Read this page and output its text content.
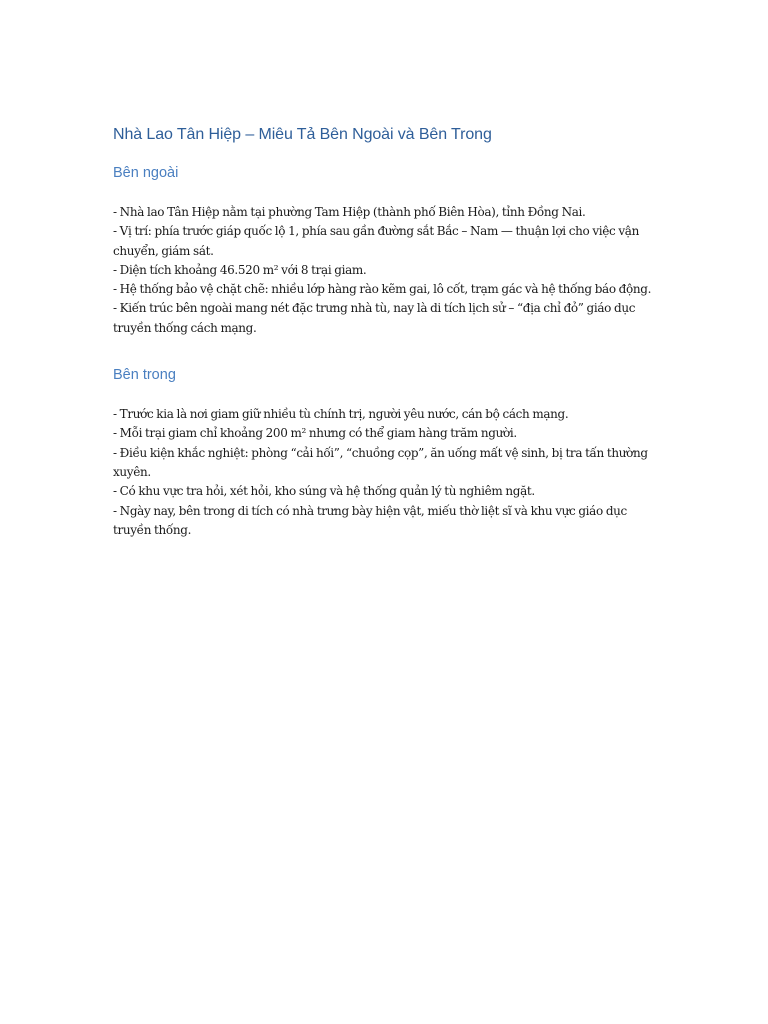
Nhà Lao Tân Hiệp – Miêu Tả Bên Ngoài và Bên Trong
Bên ngoài

- Nhà lao Tân Hiệp nằm tại phường Tam Hiệp (thành phố Biên Hòa), tỉnh Đồng Nai.

- Vị trí: phía trước giáp quốc lộ 1, phía sau gần đường sắt Bắc – Nam — thuận lợi cho việc vận chuyển, giám sát.

- Diện tích khoảng 46.520 m² với 8 trại giam.

- Hệ thống bảo vệ chặt chẽ: nhiều lớp hàng rào kẽm gai, lô cốt, trạm gác và hệ thống báo động.

- Kiến trúc bên ngoài mang nét đặc trưng nhà tù, nay là di tích lịch sử – “địa chỉ đỏ” giáo dục truyền thống cách mạng.

Bên trong

- Trước kia là nơi giam giữ nhiều tù chính trị, người yêu nước, cán bộ cách mạng.

- Mỗi trại giam chỉ khoảng 200 m² nhưng có thể giam hàng trăm người.

- Điều kiện khắc nghiệt: phòng “cải hối”, “chuồng cọp”, ăn uống mất vệ sinh, bị tra tấn thường xuyên.

- Có khu vực tra hỏi, xét hỏi, kho súng và hệ thống quản lý tù nghiêm ngặt.

- Ngày nay, bên trong di tích có nhà trưng bày hiện vật, miếu thờ liệt sĩ và khu vực giáo dục truyền thống.
